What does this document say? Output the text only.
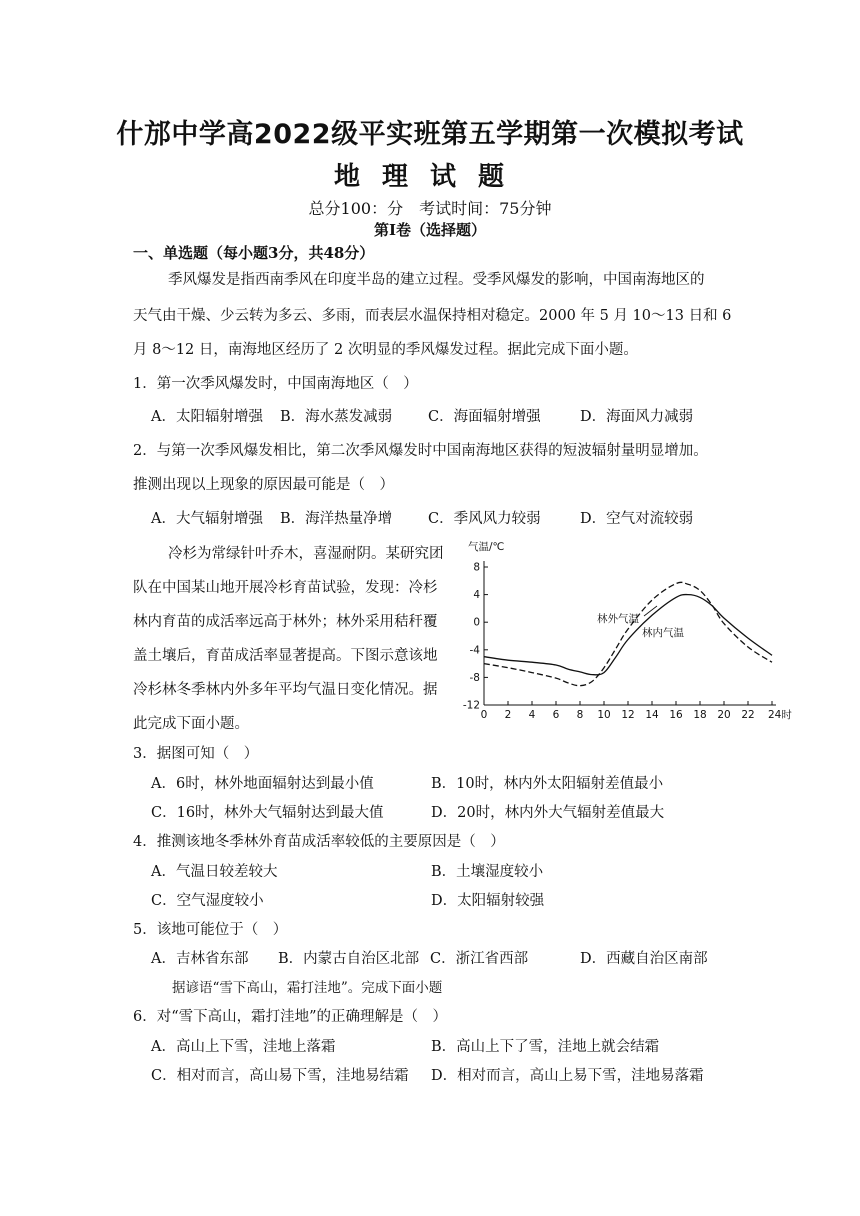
什邡中学高2022级平实班第五学期第一次模拟考试
地理试题
总分100：分　考试时间：75分钟
第Ⅰ卷（选择题）
一、单选题（每小题3分，共48分）
季风爆发是指西南季风在印度半岛的建立过程。受季风爆发的影响，中国南海地区的
天气由干燥、少云转为多云、多雨，而表层水温保持相对稳定。2000 年 5 月 10～13 日和 6
月 8～12 日，南海地区经历了 2 次明显的季风爆发过程。据此完成下面小题。
1．第一次季风爆发时，中国南海地区（　）
A．太阳辐射增强 B．海水蒸发减弱 C．海面辐射增强	D．海面风力减弱
2．与第一次季风爆发相比，第二次季风爆发时中国南海地区获得的短波辐射量明显增加。
推测出现以上现象的原因最可能是（　）
A．大气辐射增强 B．海洋热量净增 C．季风风力较弱	D．空气对流较弱
冷杉为常绿针叶乔木，喜湿耐阴。某研究团
队在中国某山地开展冷杉育苗试验，发现：冷杉
林内育苗的成活率远高于林外；林外采用秸秆覆
盖土壤后，育苗成活率显著提高。下图示意该地
冷杉林冬季林内外多年平均气温日变化情况。据
此完成下面小题。
8
4
0
-4
-8
-12
0 2 4 6 8 10 12 14 16 18 20 22 24时
气温/℃
林外气温
林内气温
3．据图可知（　）
A．6时，林外地面辐射达到最小值	B．10时，林内外太阳辐射差值最小
C．16时，林外大气辐射达到最大值	D．20时，林内外大气辐射差值最大
4．推测该地冬季林外育苗成活率较低的主要原因是（　）
A．气温日较差较大	B．土壤湿度较小
C．空气湿度较小	D．太阳辐射较强
5．该地可能位于（　）
A．吉林省东部 B．内蒙古自治区北部 C．浙江省西部	D．西藏自治区南部
据谚语“雪下高山，霜打洼地”。完成下面小题
6．对“雪下高山，霜打洼地”的正确理解是（　）
A．高山上下雪，洼地上落霜	B．高山上下了雪，洼地上就会结霜
C．相对而言，高山易下雪，洼地易结霜 D．相对而言，高山上易下雪，洼地易落霜
